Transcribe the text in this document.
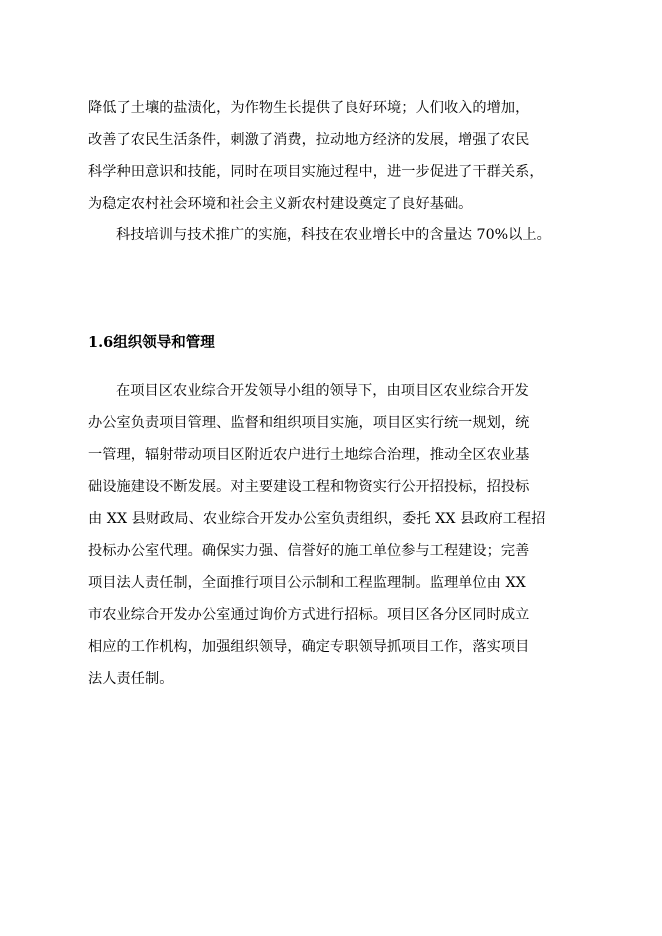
降低了土壤的盐渍化，为作物生长提供了良好环境；人们收入的增加，
改善了农民生活条件，刺激了消费，拉动地方经济的发展，增强了农民
科学种田意识和技能，同时在项目实施过程中，进一步促进了干群关系，
为稳定农村社会环境和社会主义新农村建设奠定了良好基础。
科技培训与技术推广的实施，科技在农业增长中的含量达 70%以上。
1.6组织领导和管理
在项目区农业综合开发领导小组的领导下，由项目区农业综合开发
办公室负责项目管理、监督和组织项目实施，项目区实行统一规划，统
一管理，辐射带动项目区附近农户进行土地综合治理，推动全区农业基
础设施建设不断发展。对主要建设工程和物资实行公开招投标，招投标
由 XX 县财政局、农业综合开发办公室负责组织，委托 XX 县政府工程招
投标办公室代理。确保实力强、信誉好的施工单位参与工程建设；完善
项目法人责任制，全面推行项目公示制和工程监理制。监理单位由 XX
市农业综合开发办公室通过询价方式进行招标。项目区各分区同时成立
相应的工作机构，加强组织领导，确定专职领导抓项目工作，落实项目
法人责任制。
